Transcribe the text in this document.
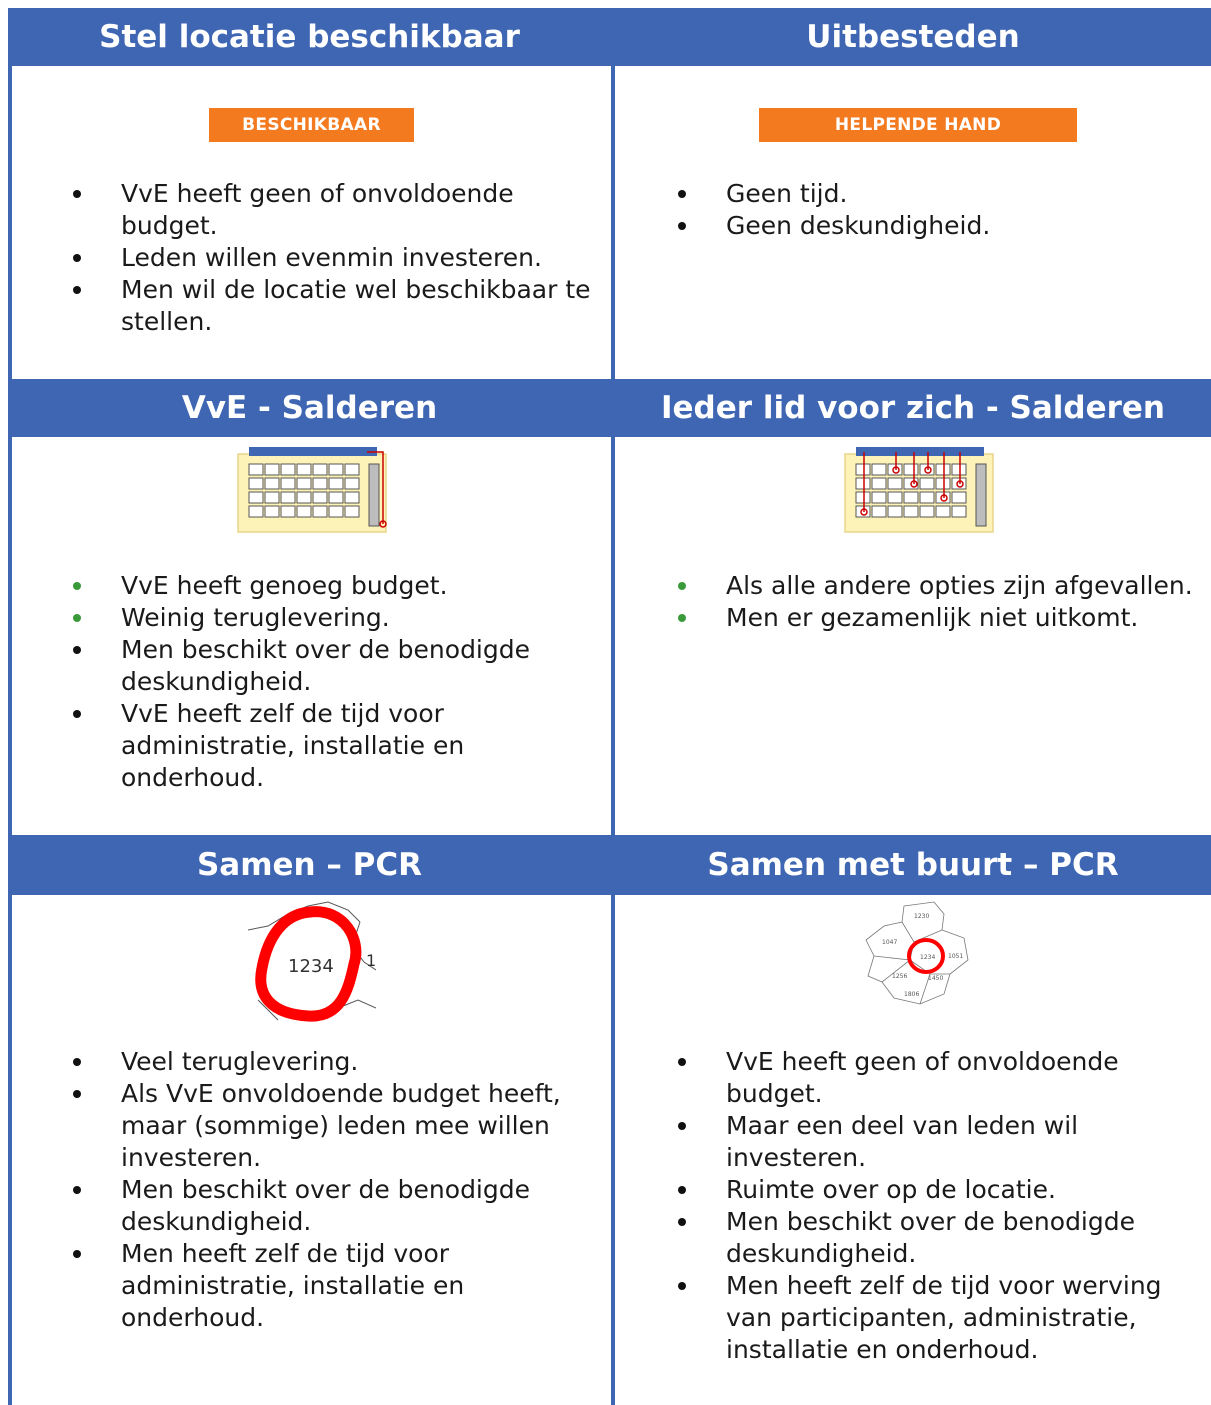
Stel locatie beschikbaar	Uitbesteden
BESCHIKBAAR	HELPENDE HAND
VvE heeft geen of onvoldoende budget.
Leden willen evenmin investeren.
Men wil de locatie wel beschikbaar te stellen.
Geen tijd.
Geen deskundigheid.
VvE - Salderen	Ieder lid voor zich - Salderen
VvE heeft genoeg budget.
Weinig teruglevering.
Men beschikt over de benodigde deskundigheid.
VvE heeft zelf de tijd voor administratie, installatie en onderhoud.
Als alle andere opties zijn afgevallen.
Men er gezamenlijk niet uitkomt.
Samen – PCR	Samen met buurt – PCR
1234 1
1230
1047
1234 1051
1256	1450
1806
Veel teruglevering.
Als VvE onvoldoende budget heeft, maar (sommige) leden mee willen investeren.
Men beschikt over de benodigde deskundigheid.
Men heeft zelf de tijd voor administratie, installatie en onderhoud.
VvE heeft geen of onvoldoende budget.
Maar een deel van leden wil investeren.
Ruimte over op de locatie.
Men beschikt over de benodigde deskundigheid.
Men heeft zelf de tijd voor werving van participanten, administratie, installatie en onderhoud.
